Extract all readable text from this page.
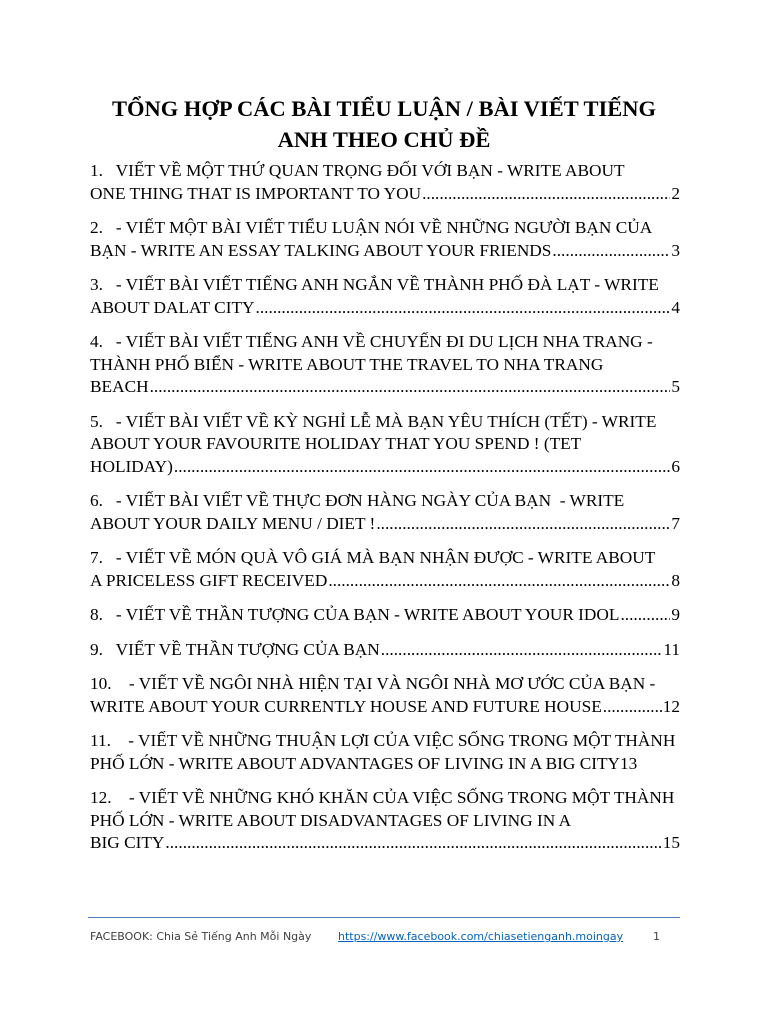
TỔNG HỢP CÁC BÀI TIỂU LUẬN / BÀI VIẾT TIẾNG ANH THEO CHỦ ĐỀ
1.   VIẾT VỀ MỘT THỨ QUAN TRỌNG ĐỐI VỚI BẠN - WRITE ABOUT
ONE THING THAT IS IMPORTANT TO YOU .....	2
2.   - VIẾT MỘT BÀI VIẾT TIỂU LUẬN NÓI VỀ NHỮNG NGƯỜI BẠN CỦA
BẠN - WRITE AN ESSAY TALKING ABOUT YOUR FRIENDS .....	3
3.   - VIẾT BÀI VIẾT TIẾNG ANH NGẮN VỀ THÀNH PHỐ ĐÀ LẠT - WRITE
ABOUT DALAT CITY .....	4
4.   - VIẾT BÀI VIẾT TIẾNG ANH VỀ CHUYẾN ĐI DU LỊCH NHA TRANG - THÀNH PHỐ BIỂN - WRITE ABOUT THE TRAVEL TO NHA TRANG
BEACH .....	5
5.   - VIẾT BÀI VIẾT VỀ KỲ NGHỈ LỄ MÀ BẠN YÊU THÍCH (TẾT) - WRITE ABOUT YOUR FAVOURITE HOLIDAY THAT YOU SPEND ! (TET
HOLIDAY) .....	6
6.   - VIẾT BÀI VIẾT VỀ THỰC ĐƠN HÀNG NGÀY CỦA BẠN  - WRITE
ABOUT YOUR DAILY MENU / DIET ! .....	7
7.   - VIẾT VỀ MÓN QUÀ VÔ GIÁ MÀ BẠN NHẬN ĐƯỢC - WRITE ABOUT
A PRICELESS GIFT RECEIVED .....	8
8.   - VIẾT VỀ THẦN TƯỢNG CỦA BẠN - WRITE ABOUT YOUR IDOL .....	9
9.   VIẾT VỀ THẦN TƯỢNG CỦA BẠN .....	11
10.    - VIẾT VỀ NGÔI NHÀ HIỆN TẠI VÀ NGÔI NHÀ MƠ ƯỚC CỦA BẠN -
WRITE ABOUT YOUR CURRENTLY HOUSE AND FUTURE HOUSE .....	12
11.    - VIẾT VỀ NHỮNG THUẬN LỢI CỦA VIỆC SỐNG TRONG MỘT THÀNH PHỐ LỚN - WRITE ABOUT ADVANTAGES OF LIVING IN A BIG CITY13
12.    - VIẾT VỀ NHỮNG KHÓ KHĂN CỦA VIỆC SỐNG TRONG MỘT THÀNH PHỐ LỚN - WRITE ABOUT DISADVANTAGES OF LIVING IN A
BIG CITY .....	15
FACEBOOK: Chia Sẻ Tiếng Anh Mỗi Ngày https://www.facebook.com/chiasetienganh.moingay	1
